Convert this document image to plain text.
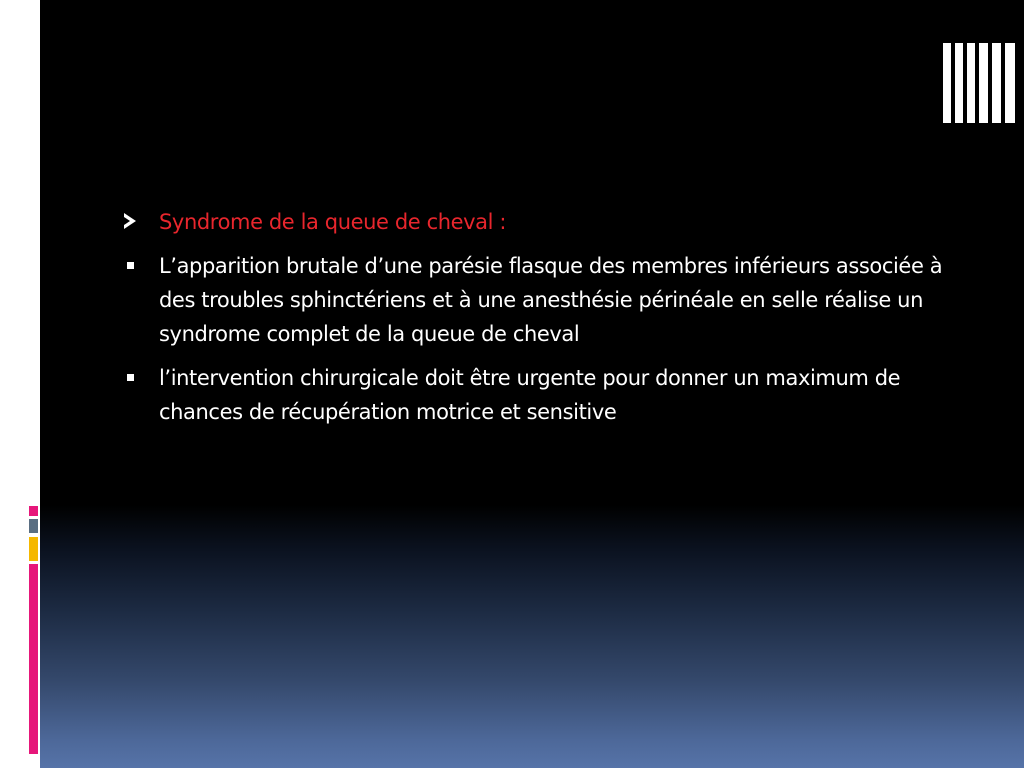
Syndrome de la queue de cheval :
L’apparition brutale d’une parésie flasque des membres inférieurs associée à des troubles sphinctériens et à une anesthésie périnéale en selle réalise un syndrome complet de la queue de cheval
l’intervention chirurgicale doit être urgente pour donner un maximum de chances de récupération motrice et sensitive
